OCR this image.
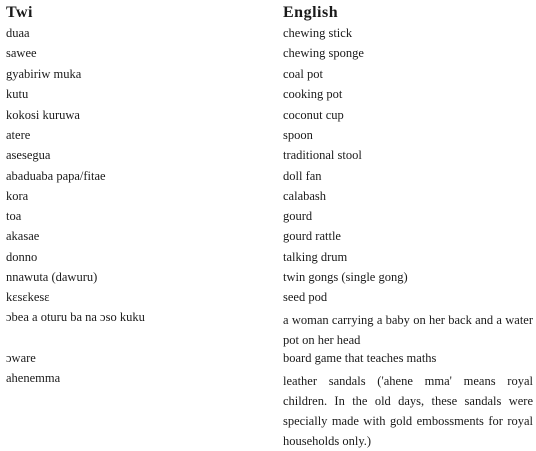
Twi	English
duaa	chewing stick
sawee	chewing sponge
gyabiriw muka	coal pot
kutu	cooking pot
kokosi kuruwa	coconut cup
atere	spoon
asesegua	traditional stool
abaduaba papa/fitae	doll fan
kora	calabash
toa	gourd
akasae	gourd rattle
donno	talking drum
nnawuta (dawuru)	twin gongs (single gong)
kɛsɛkesɛ	seed pod
ɔbea a oturu ba na ɔso kuku	a woman carrying a baby on her back and a water pot on her head
ɔware	board game that teaches maths
ahenemma	leather sandals ('ahene mma' means royal children. In the old days, these sandals were specially made with gold embossments for royal households only.)
